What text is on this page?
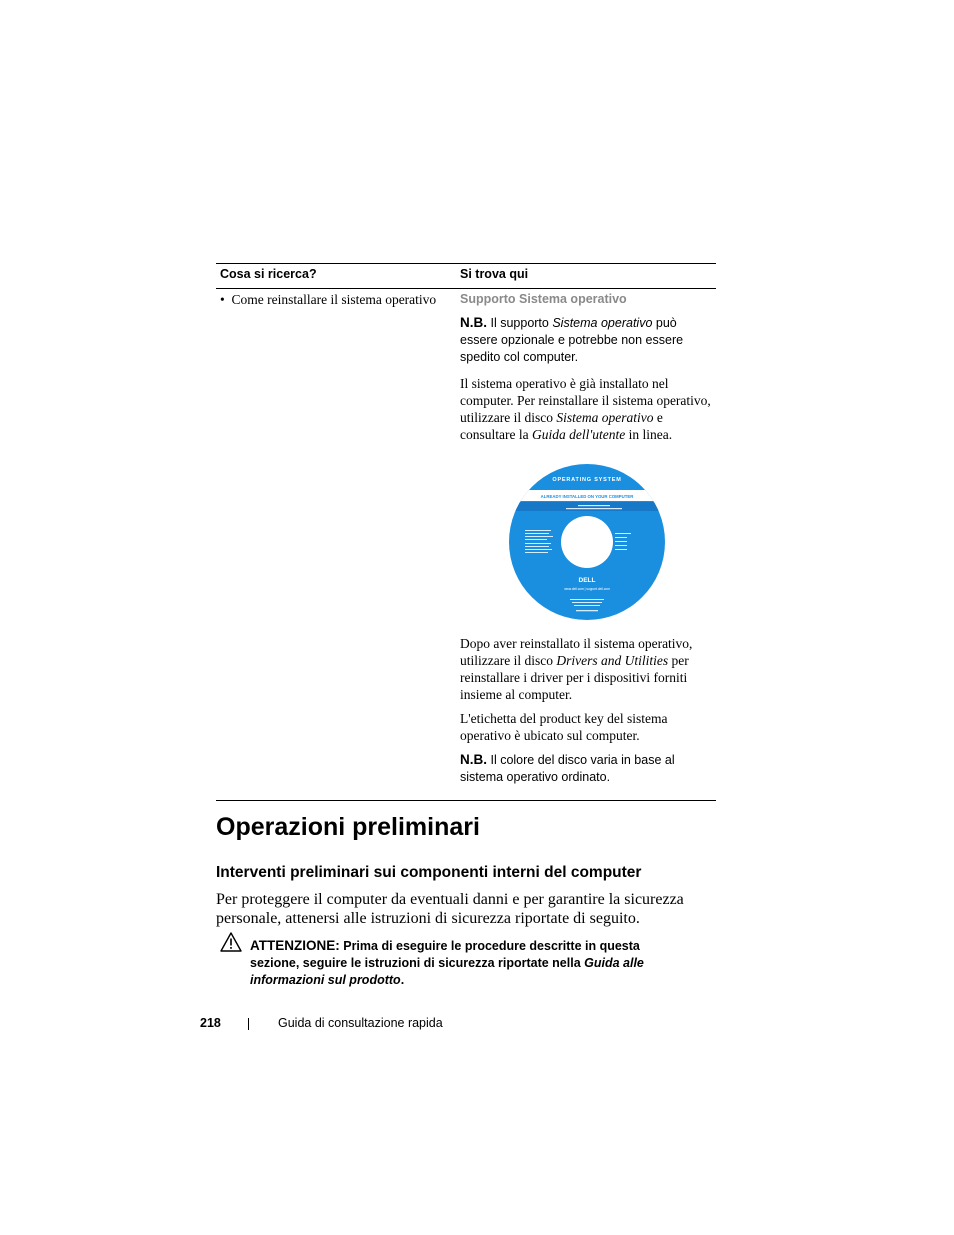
Cosa si ricerca?	Si trova qui
•  Come reinstallare il sistema operativo Supporto Sistema operativo

N.B. Il supporto Sistema operativo può essere opzionale e potrebbe non essere spedito col computer.

Il sistema operativo è già installato nel computer. Per reinstallare il sistema operativo, utilizzare il disco Sistema operativo e consultare la Guida dell'utente in linea.

OPERATING SYSTEM
ALREADY INSTALLED ON YOUR COMPUTER
DELL
www.dell.com | support.dell.com

Dopo aver reinstallato il sistema operativo, utilizzare il disco Drivers and Utilities per reinstallare i driver per i dispositivi forniti insieme al computer.

L'etichetta del product key del sistema operativo è ubicato sul computer.

N.B. Il colore del disco varia in base al sistema operativo ordinato.

Operazioni preliminari
Interventi preliminari sui componenti interni del computer

Per proteggere il computer da eventuali danni e per garantire la sicurezza personale, attenersi alle istruzioni di sicurezza riportate di seguito.

ATTENZIONE: Prima di eseguire le procedure descritte in questa sezione, seguire le istruzioni di sicurezza riportate nella Guida alle informazioni sul prodotto.
218	Guida di consultazione rapida
